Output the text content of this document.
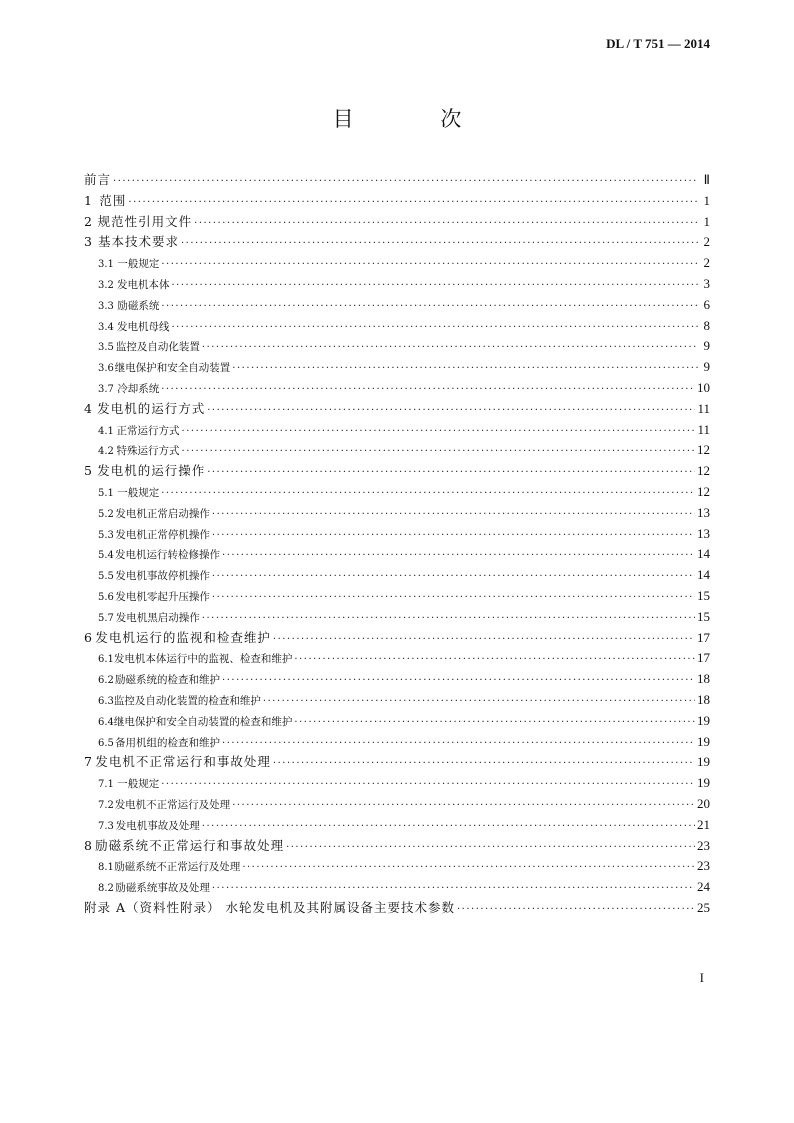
DL / T 751 — 2014
目 次
前言 ·····	Ⅱ
1 范围 ·····	1
2 规范性引用文件 ·····	1
3 基本技术要求 ·····	2
3.1 一般规定 ·····	2
3.2 发电机本体 ·····	3
3.3 励磁系统 ·····	6
3.4 发电机母线 ·····	8
3.5 监控及自动化装置 ·····	9
3.6 继电保护和安全自动装置 ·····	9
3.7 冷却系统 ·····	10
4 发电机的运行方式 ·····	11
4.1 正常运行方式 ·····	11
4.2 特殊运行方式 ·····	12
5 发电机的运行操作 ·····	12
5.1 一般规定 ·····	12
5.2 发电机正常启动操作 ·····	13
5.3 发电机正常停机操作 ·····	13
5.4 发电机运行转检修操作 ·····	14
5.5 发电机事故停机操作 ·····	14
5.6 发电机零起升压操作 ·····	15
5.7 发电机黑启动操作 ·····	15
6 发电机运行的监视和检查维护 ·····	17
6.1 发电机本体运行中的监视、检查和维护 ·····	17
6.2 励磁系统的检查和维护 ·····	18
6.3 监控及自动化装置的检查和维护 ·····	18
6.4 继电保护和安全自动装置的检查和维护 ·····	19
6.5 备用机组的检查和维护 ·····	19
7 发电机不正常运行和事故处理 ·····	19
7.1 一般规定 ·····	19
7.2 发电机不正常运行及处理 ·····	20
7.3 发电机事故及处理 ·····	21
8 励磁系统不正常运行和事故处理 ·····	23
8.1 励磁系统不正常运行及处理 ·····	23
8.2 励磁系统事故及处理 ·····	24
附录 A（资料性附录） 水轮发电机及其附属设备主要技术参数 ·····	25
I
